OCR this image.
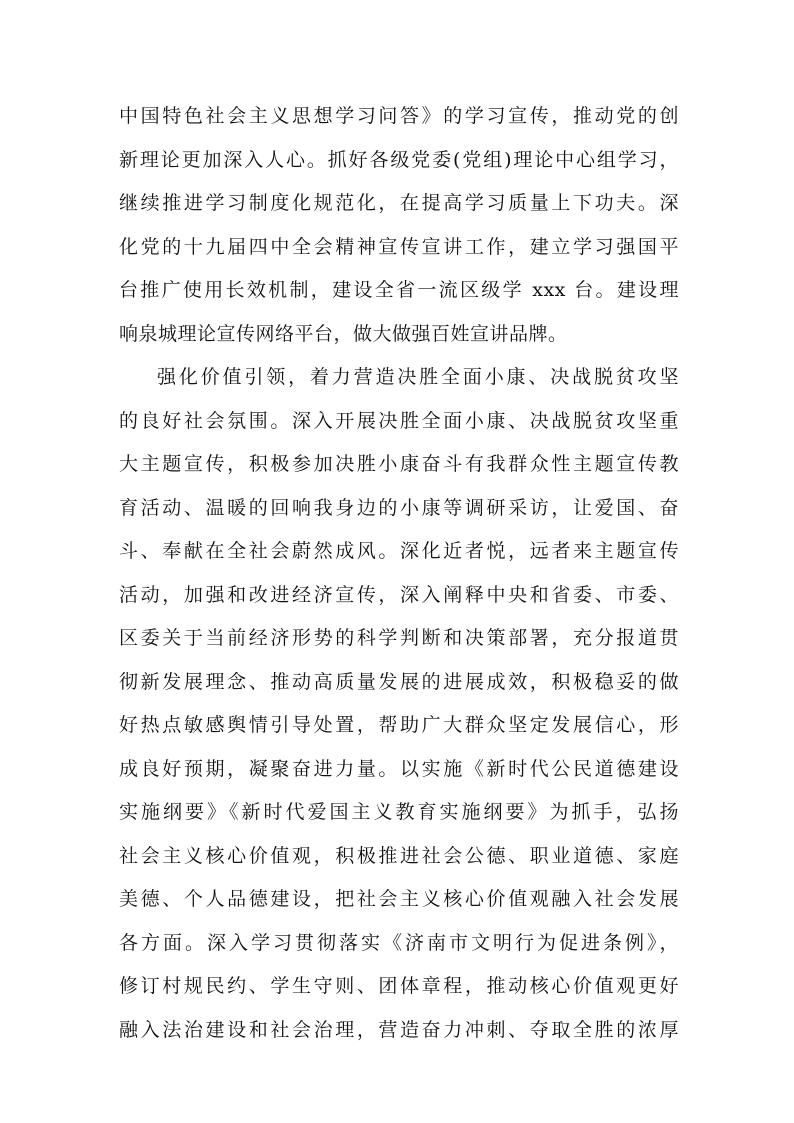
中国特色社会主义思想学习问答》的学习宣传，推动党的创
新理论更加深入人心。抓好各级党委(党组)理论中心组学习，
继续推进学习制度化规范化，在提高学习质量上下功夫。深
化党的十九届四中全会精神宣传宣讲工作，建立学习强国平
台推广使用长效机制，建设全省一流区级学 xxx 台。建设理
响泉城理论宣传网络平台，做大做强百姓宣讲品牌。
强化价值引领，着力营造决胜全面小康、决战脱贫攻坚
的良好社会氛围。深入开展决胜全面小康、决战脱贫攻坚重
大主题宣传，积极参加决胜小康奋斗有我群众性主题宣传教
育活动、温暖的回响我身边的小康等调研采访，让爱国、奋
斗、奉献在全社会蔚然成风。深化近者悦，远者来主题宣传
活动，加强和改进经济宣传，深入阐释中央和省委、市委、
区委关于当前经济形势的科学判断和决策部署，充分报道贯
彻新发展理念、推动高质量发展的进展成效，积极稳妥的做
好热点敏感舆情引导处置，帮助广大群众坚定发展信心，形
成良好预期，凝聚奋进力量。以实施《新时代公民道德建设
实施纲要》《新时代爱国主义教育实施纲要》为抓手，弘扬
社会主义核心价值观，积极推进社会公德、职业道德、家庭
美德、个人品德建设，把社会主义核心价值观融入社会发展
各方面。深入学习贯彻落实《济南市文明行为促进条例》，
修订村规民约、学生守则、团体章程，推动核心价值观更好
融入法治建设和社会治理，营造奋力冲刺、夺取全胜的浓厚
